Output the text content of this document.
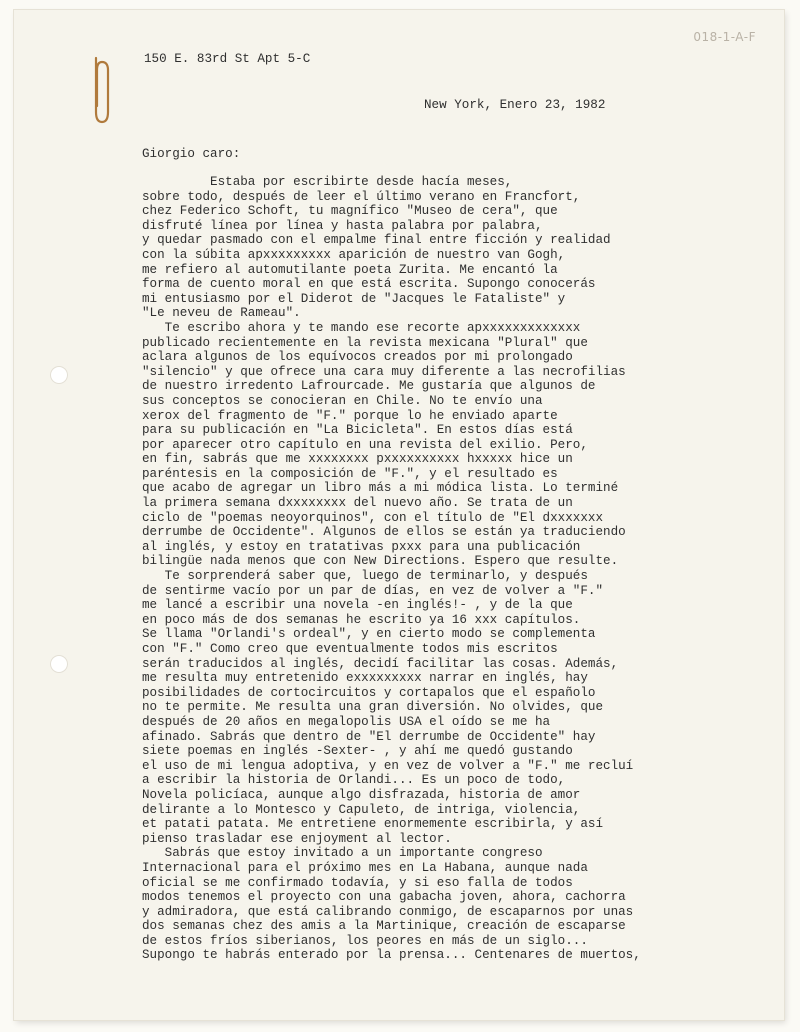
018-1-A-F
150 E. 83rd St Apt 5-C
New York, Enero 23, 1982
Giorgio caro:
Estaba por escribirte desde hacía meses,
sobre todo, después de leer el último verano en Francfort,
chez Federico Schoft, tu magnífico "Museo de cera", que
disfruté línea por línea y hasta palabra por palabra,
y quedar pasmado con el empalme final entre ficción y realidad
con la súbita apxxxxxxxxx aparición de nuestro van Gogh,
me refiero al automutilante poeta Zurita. Me encantó la
forma de cuento moral en que está escrita. Supongo conocerás
mi entusiasmo por el Diderot de "Jacques le Fataliste" y
"Le neveu de Rameau".
Te escribo ahora y te mando ese recorte apxxxxxxxxxxxxx
publicado recientemente en la revista mexicana "Plural" que
aclara algunos de los equívocos creados por mi prolongado
"silencio" y que ofrece una cara muy diferente a las necrofilias
de nuestro irredento Lafrourcade. Me gustaría que algunos de
sus conceptos se conocieran en Chile. No te envío una
xerox del fragmento de "F." porque lo he enviado aparte
para su publicación en "La Bicicleta". En estos días está
por aparecer otro capítulo en una revista del exilio. Pero,
en fin, sabrás que me xxxxxxxx pxxxxxxxxxx hxxxxx hice un
paréntesis en la composición de "F.", y el resultado es
que acabo de agregar un libro más a mi módica lista. Lo terminé
la primera semana dxxxxxxxx del nuevo año. Se trata de un
ciclo de "poemas neoyorquinos", con el título de "El dxxxxxxx
derrumbe de Occidente". Algunos de ellos se están ya traduciendo
al inglés, y estoy en tratativas pxxx para una publicación
bilingüe nada menos que con New Directions. Espero que resulte.
Te sorprenderá saber que, luego de terminarlo, y después
de sentirme vacío por un par de días, en vez de volver a "F."
me lancé a escribir una novela -en inglés!- , y de la que
en poco más de dos semanas he escrito ya 16 xxx capítulos.
Se llama "Orlandi's ordeal", y en cierto modo se complementa
con "F." Como creo que eventualmente todos mis escritos
serán traducidos al inglés, decidí facilitar las cosas. Además,
me resulta muy entretenido exxxxxxxxx narrar en inglés, hay
posibilidades de cortocircuitos y cortapalos que el españolo
no te permite. Me resulta una gran diversión. No olvides, que
después de 20 años en megalopolis USA el oído se me ha
afinado. Sabrás que dentro de "El derrumbe de Occidente" hay
siete poemas en inglés -Sexter- , y ahí me quedó gustando
el uso de mi lengua adoptiva, y en vez de volver a "F." me recluí
a escribir la historia de Orlandi... Es un poco de todo,
Novela policíaca, aunque algo disfrazada, historia de amor
delirante a lo Montesco y Capuleto, de intriga, violencia,
et patati patata. Me entretiene enormemente escribirla, y así
pienso trasladar ese enjoyment al lector.
Sabrás que estoy invitado a un importante congreso
Internacional para el próximo mes en La Habana, aunque nada
oficial se me confirmado todavía, y si eso falla de todos
modos tenemos el proyecto con una gabacha joven, ahora, cachorra
y admiradora, que está calibrando conmigo, de escaparnos por unas
dos semanas chez des amis a la Martinique, creación de escaparse
de estos fríos siberianos, los peores en más de un siglo...
Supongo te habrás enterado por la prensa... Centenares de muertos,
